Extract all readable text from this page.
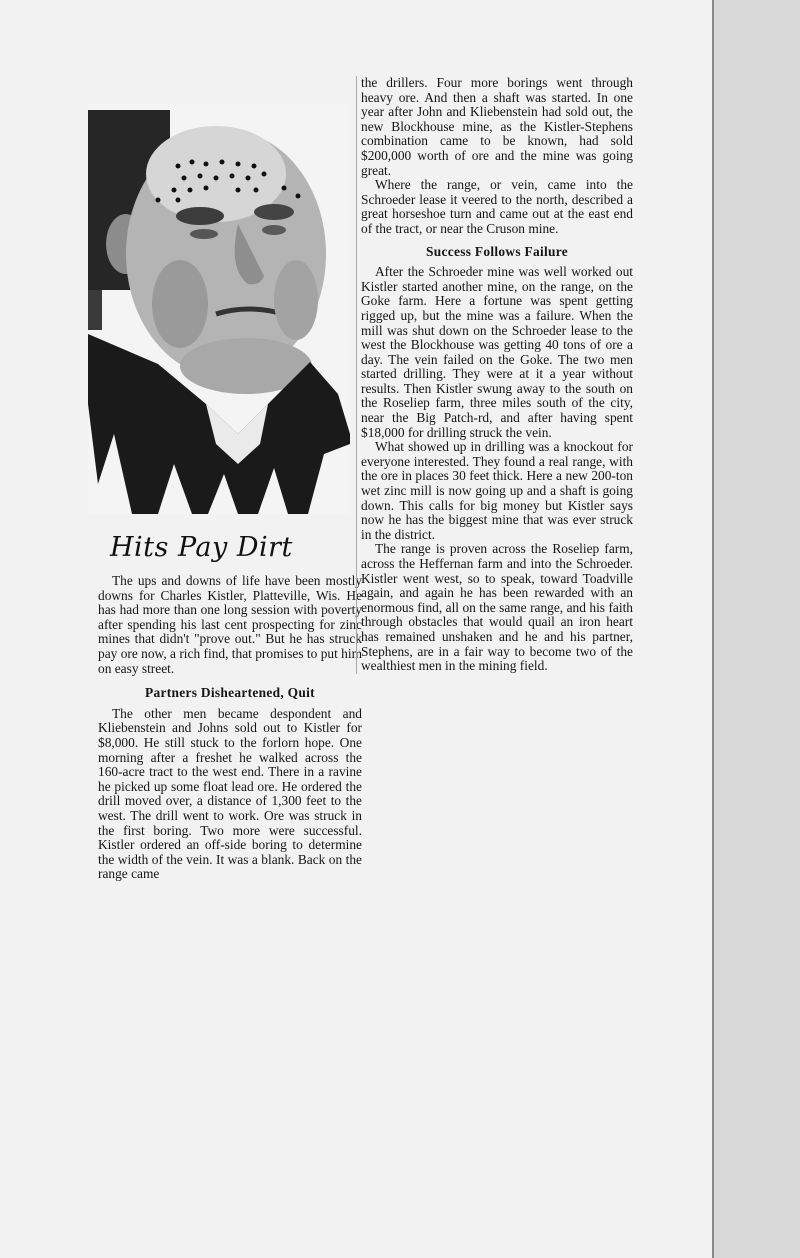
Hits Pay Dirt

The ups and downs of life have been mostly downs for Charles Kistler, Platteville, Wis. He has had more than one long session with poverty after spending his last cent prospecting for zinc mines that didn't "prove out." But he has struck pay ore now, a rich find, that promises to put him on easy street.

Partners Disheartened, Quit

The other men became despondent and Kliebenstein and Johns sold out to Kistler for $8,000. He still stuck to the forlorn hope. One morning after a freshet he walked across the 160-acre tract to the west end. There in a ravine he picked up some float lead ore. He ordered the drill moved over, a distance of 1,300 feet to the west. The drill went to work. Ore was struck in the first boring. Two more were successful. Kistler ordered an off-side boring to determine the width of the vein. It was a blank. Back on the range came

the drillers. Four more borings went through heavy ore. And then a shaft was started. In one year after John and Kliebenstein had sold out, the new Blockhouse mine, as the Kistler-Stephens combination came to be known, had sold $200,000 worth of ore and the mine was going great.

Where the range, or vein, came into the Schroeder lease it veered to the north, described a great horseshoe turn and came out at the east end of the tract, or near the Cruson mine.

Success Follows Failure

After the Schroeder mine was well worked out Kistler started another mine, on the range, on the Goke farm. Here a fortune was spent getting rigged up, but the mine was a failure. When the mill was shut down on the Schroeder lease to the west the Blockhouse was getting 40 tons of ore a day. The vein failed on the Goke. The two men started drilling. They were at it a year without results. Then Kistler swung away to the south on the Roseliep farm, three miles south of the city, near the Big Patch-rd, and after having spent $18,000 for drilling struck the vein.

What showed up in drilling was a knockout for everyone interested. They found a real range, with the ore in places 30 feet thick. Here a new 200-ton wet zinc mill is now going up and a shaft is going down. This calls for big money but Kistler says now he has the biggest mine that was ever struck in the district.

The range is proven across the Roseliep farm, across the Heffernan farm and into the Schroeder. Kistler went west, so to speak, toward Toadville again, and again he has been rewarded with an enormous find, all on the same range, and his faith through obstacles that would quail an iron heart has remained unshaken and he and his partner, Stephens, are in a fair way to become two of the wealthiest men in the mining field.
